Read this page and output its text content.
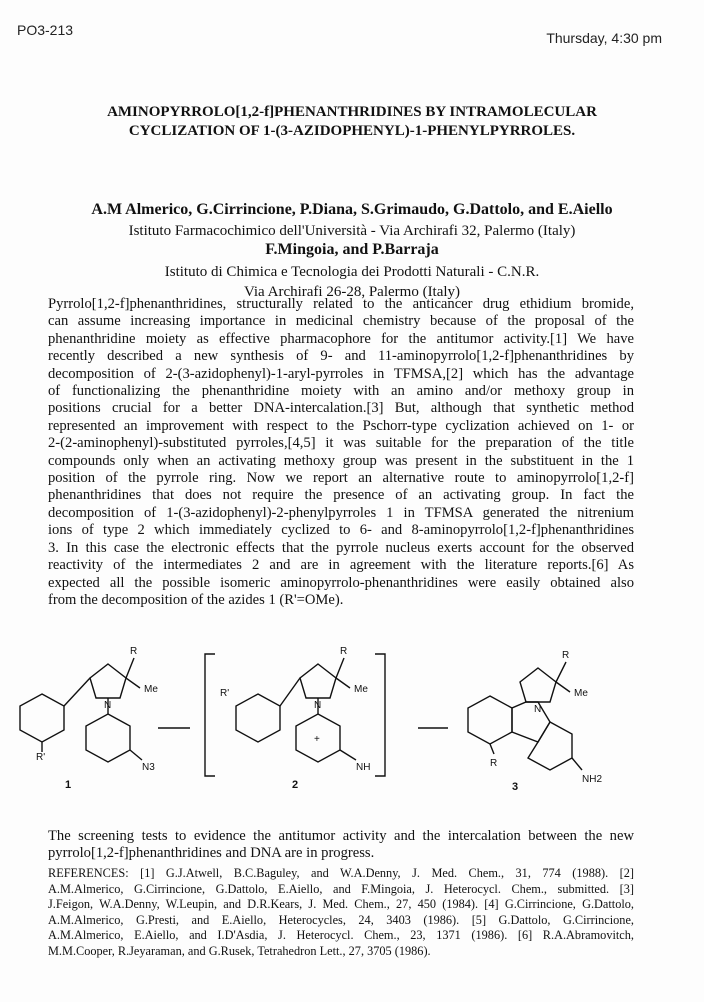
PO3-213	Thursday, 4:30 pm
AMINOPYRROLO[1,2-f]PHENANTHRIDINES BY INTRAMOLECULAR
CYCLIZATION OF 1-(3-AZIDOPHENYL)-1-PHENYLPYRROLES.
A.M Almerico, G.Cirrincione, P.Diana, S.Grimaudo, G.Dattolo, and E.Aiello
Istituto Farmacochimico dell'Università - Via Archirafi 32, Palermo (Italy)
F.Mingoia, and P.Barraja
Istituto di Chimica e Tecnologia dei Prodotti Naturali - C.N.R.
Via Archirafi 26-28, Palermo (Italy)
Pyrrolo[1,2-f]phenanthridines, structurally related to the anticancer drug ethidium bromide,
can assume increasing importance in medicinal chemistry because of the proposal of the
phenanthridine moiety as effective pharmacophore for the antitumor activity.[1] We have
recently described a new synthesis of 9- and 11-aminopyrrolo[1,2-f]phenanthridines by
decomposition of 2-(3-azidophenyl)-1-aryl-pyrroles in TFMSA,[2] which has the advantage
of functionalizing the phenanthridine moiety with an amino and/or methoxy group in
positions crucial for a better DNA-intercalation.[3] But, although that synthetic method
represented an improvement with respect to the Pschorr-type cyclization achieved on 1- or
2-(2-aminophenyl)-substituted pyrroles,[4,5] it was suitable for the preparation of the title
compounds only when an activating methoxy group was present in the substituent in the 1
position of the pyrrole ring. Now we report an alternative route to aminopyrrolo[1,2-f]
phenanthridines that does not require the presence of an activating group. In fact the
decomposition of 1-(3-azidophenyl)-2-phenylpyrroles 1 in TFMSA generated the nitrenium
ions of type 2 which immediately cyclized to 6- and 8-aminopyrrolo[1,2-f]phenanthridines
3. In this case the electronic effects that the pyrrole nucleus exerts account for the observed
reactivity of the intermediates 2 and are in agreement with the literature reports.[6] As
expected all the possible isomeric aminopyrrolo-phenanthridines were easily obtained also
from the decomposition of the azides 1 (R'=OMe).
R
Me
N
R'
N3
1
R
Me
N
R'
+
NH
2
R
Me
N
R
NH2
3
The screening tests to evidence the antitumor activity and the intercalation between the new
pyrrolo[1,2-f]phenanthridines and DNA are in progress.
REFERENCES: [1] G.J.Atwell, B.C.Baguley, and W.A.Denny, J. Med. Chem., 31, 774 (1988). [2]
A.M.Almerico, G.Cirrincione, G.Dattolo, E.Aiello, and F.Mingoia, J. Heterocycl. Chem., submitted. [3]
J.Feigon, W.A.Denny, W.Leupin, and D.R.Kears, J. Med. Chem., 27, 450 (1984). [4] G.Cirrincione, G.Dattolo,
A.M.Almerico, G.Presti, and E.Aiello, Heterocycles, 24, 3403 (1986). [5] G.Dattolo, G.Cirrincione,
A.M.Almerico, E.Aiello, and I.D'Asdia, J. Heterocycl. Chem., 23, 1371 (1986). [6] R.A.Abramovitch,
M.M.Cooper, R.Jeyaraman, and G.Rusek, Tetrahedron Lett., 27, 3705 (1986).
